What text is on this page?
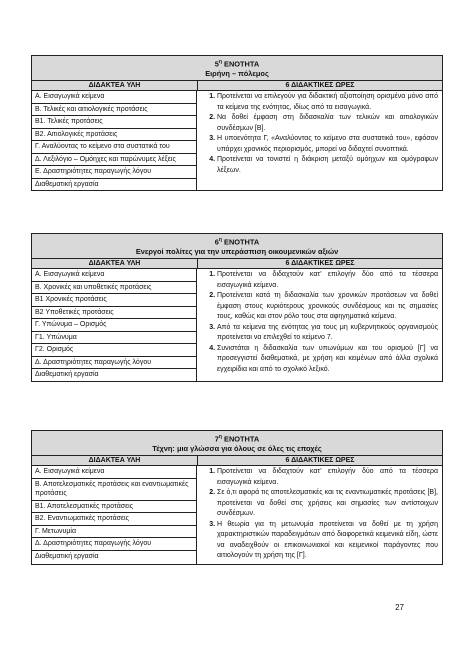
$5^\eta$ ΕΝΟΤΗΤΑ
Ειρήνη – πόλεμος
ΔΙΔΑΚΤΕΑ ΥΛΗ	6 ΔΙΔΑΚΤΙΚΕΣ ΩΡΕΣ
Α. Εισαγωγικά κείμενα
Β. Τελικές και αιτιολογικές προτάσεις
Β1. Τελικές προτάσεις
Β2. Αιτιολογικές προτάσεις
Γ. Αναλύοντας το κείμενο στα συστατικά του
Δ. Λεξιλόγιο – Ομόηχες και παρώνυμες λέξεις
Ε. Δραστηριότητες παραγωγής λόγου
Διαθεματική εργασία
1. Προτείνεται να επιλεγούν για διδακτική αξιοποίηση ορισμένα μόνο από τα κείμενα της ενότητας, ιδίως από τα εισαγωγικά.
2. Να δοθεί έμφαση στη διδασκαλία των τελικών και αιτιολογικών συνδέσμων [Β].
3. Η υποενότητα Γ, «Αναλύοντας το κείμενο στα συστατικά του», εφόσον υπάρχει χρονικός περιορισμός, μπορεί να διδαχτεί συνοπτικά.
4. Προτείνεται να τονιστεί η διάκριση μεταξύ ομόηχων και ομόγραφων λέξεων.
$6^\eta$ ΕΝΟΤΗΤΑ
Ενεργοί πολίτες για την υπεράσπιση οικουμενικών αξιών
ΔΙΔΑΚΤΕΑ ΥΛΗ	6 ΔΙΔΑΚΤΙΚΕΣ ΩΡΕΣ
Α. Εισαγωγικά κείμενα
Β. Χρονικές και υποθετικές προτάσεις
Β1 Χρονικές προτάσεις
Β2 Υποθετικές προτάσεις
Γ. Υπώνυμα – Ορισμός
Γ1. Υπώνυμα
Γ2. Ορισμός
Δ. Δραστηριότητες παραγωγής λόγου
Διαθεματική εργασία
1. Προτείνεται να διδαχτούν κατ’ επιλογήν δύο από τα τέσσερα εισαγωγικά κείμενα.
2. Προτείνεται κατά τη διδασκαλία των χρονικών προτάσεων να δοθεί έμφαση στους κυριότερους χρονικούς συνδέσμους και τις σημασίες τους, καθώς και στον ρόλο τους στα αφηγηματικά κείμενα.
3. Από τα κείμενα της ενότητας για τους μη κυβερνητικούς οργανισμούς προτείνεται να επιλεχθεί το κείμενο 7.
4. Συνιστάται η διδασκαλία των υπωνύμων και του ορισμού [Γ] να προσεγγιστεί διαθεματικά, με χρήση και κειμένων από άλλα σχολικά εγχειρίδια και από το σχολικό λεξικό.
$7^\eta$ ΕΝΟΤΗΤΑ
Τέχνη: μια γλώσσα για όλους σε όλες τις εποχές
ΔΙΔΑΚΤΕΑ ΥΛΗ	6 ΔΙΔΑΚΤΙΚΕΣ ΩΡΕΣ
Α. Εισαγωγικά κείμενα
Β. Αποτελεσματικές προτάσεις και εναντιωματικές προτάσεις
Β1. Αποτελεσματικές προτάσεις
Β2. Εναντιωματικές προτάσεις
Γ. Μετωνυμία
Δ. Δραστηριότητες παραγωγής λόγου
Διαθεματική εργασία
1. Προτείνεται να διδαχτούν κατ’ επιλογήν δύο από τα τέσσερα εισαγωγικά κείμενα.
2. Σε ό,τι αφορά τις αποτελεσματικές και τις εναντιωματικές προτάσεις [Β], προτείνεται να δοθεί στις χρήσεις και σημασίες των αντίστοιχων συνδέσμων.
3. Η θεωρία για τη μετωνυμία προτείνεται να δοθεί με τη χρήση χαρακτηριστικών παραδειγμάτων από διαφορετικά κειμενικά είδη, ώστε να αναδειχθούν οι επικοινωνιακοί και κειμενικοί παράγοντες που αιτιολογούν τη χρήση της [Γ].
27
